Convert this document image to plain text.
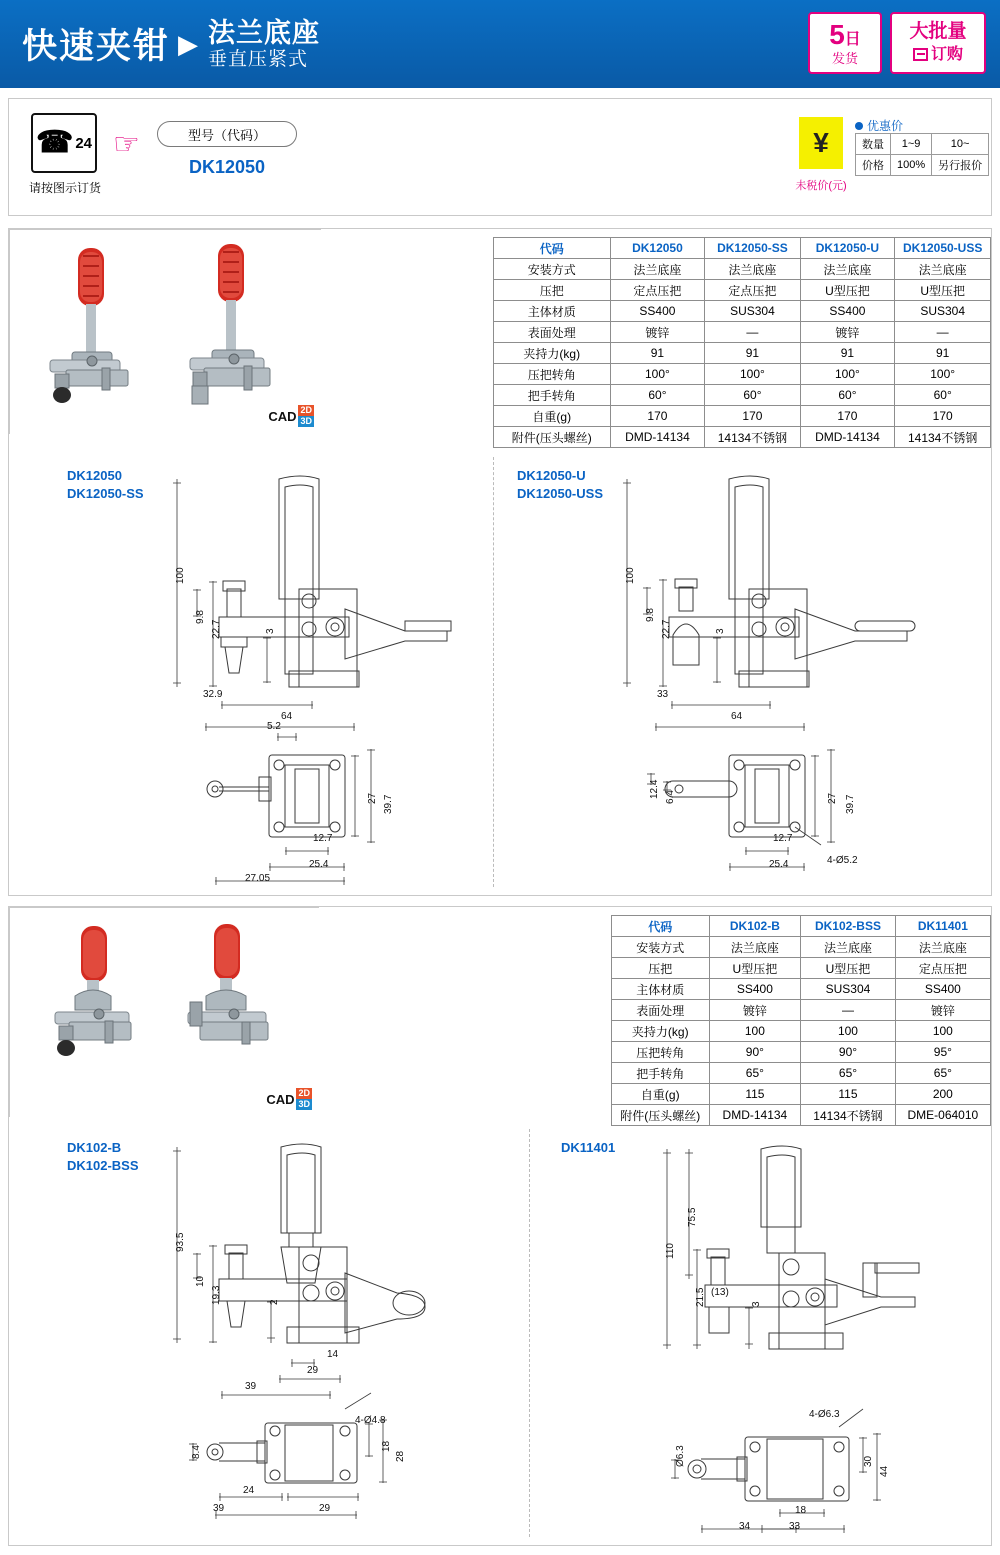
快速夹钳 ▶ 法兰底座
垂直压紧式
5日
发货
大批量
订购
☎ 24
请按图示订货
☞	型号（代码）
DK12050
¥
未税价(元)
优惠价
数量	1~9	10~
价格	100%	另行报价
CAD 2D
3D
代码	DK12050	DK12050-SS	DK12050-U	DK12050-USS
安装方式	法兰底座	法兰底座	法兰底座	法兰底座
压把	定点压把	定点压把	U型压把	U型压把
主体材质	SS400	SUS304	SS400	SUS304
表面处理	镀锌	—	镀锌	—
夹持力(kg)	91	91	91	91
压把转角	100°	100°	100°	100°
把手转角	60°	60°	60°	60°
自重(g)	170	170	170	170
附件(压头螺丝)	DMD-14134	14134不锈钢	DMD-14134	14134不锈钢
DK12050
DK12050-SS
DK12050-U
DK12050-USS
100
9.8
22.7	3
32.9
64
5.2
27 39.7
12.7
25.4
27.05
100
9.8
22.7	3
33
64
12.4 6.4	27 39.7
12.7
25.4	4-Ø5.2
CAD 2D
3D
代码	DK102-B	DK102-BSS	DK11401
安装方式	法兰底座	法兰底座	法兰底座
压把	U型压把	U型压把	定点压把
主体材质	SS400	SUS304	SS400
表面处理	镀锌	—	镀锌
夹持力(kg)	100	100	100
压把转角	90°	90°	95°
把手转角	65°	65°	65°
自重(g)	115	115	200
附件(压头螺丝)	DMD-14134	14134不锈钢	DME-064010
DK102-B
DK102-BSS
DK11401
93.5
10
19.3	2
14
29
39
4-Ø4.8
8.4	18
28
24
39	29
110
75.5
21.5 (13)
3
4-Ø6.3
Ø6.3	30
44
18
33
34
